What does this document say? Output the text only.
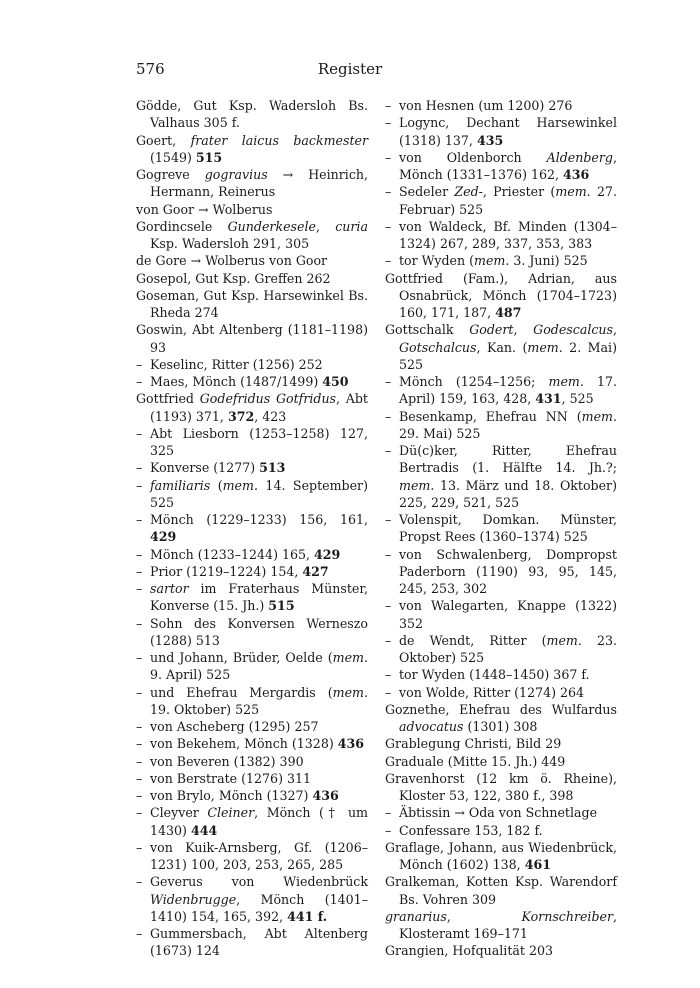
576	Register

Gödde, Gut Ksp. Wadersloh Bs. Valhaus 305 f.

Goert, frater laicus backmester (1549) 515

Gogreve gogravius → Heinrich, Hermann, Reinerus

von Goor → Wolberus

Gordincsele Gunderkesele, curia Ksp. Wadersloh 291, 305

de Gore → Wolberus von Goor

Gosepol, Gut Ksp. Greffen 262

Goseman, Gut Ksp. Harsewinkel Bs. Rheda 274

Goswin, Abt Altenberg (1181–1198) 93

– Keselinc, Ritter (1256) 252

– Maes, Mönch (1487/1499) 450

Gottfried Godefridus Gotfridus, Abt (1193) 371, 372, 423

– Abt Liesborn (1253–1258) 127, 325

– Konverse (1277) 513

– familiaris (mem. 14. September) 525

– Mönch (1229–1233) 156, 161, 429

– Mönch (1233–1244) 165, 429

– Prior (1219–1224) 154, 427

– sartor im Fraterhaus Münster, Konverse (15. Jh.) 515

– Sohn des Konversen Werneszo (1288) 513

– und Johann, Brüder, Oelde (mem. 9. April) 525

– und Ehefrau Mergardis (mem. 19. Oktober) 525

– von Ascheberg (1295) 257

– von Bekehem, Mönch (1328) 436

– von Beveren (1382) 390

– von Berstrate (1276) 311

– von Brylo, Mönch (1327) 436

– Cleyver Cleiner, Mönch († um 1430) 444

– von Kuik-Arnsberg, Gf. (1206–1231) 100, 203, 253, 265, 285

– Geverus von Wiedenbrück Widenbrugge, Mönch (1401–1410) 154, 165, 392, 441 f.

– Gummersbach, Abt Altenberg (1673) 124

– von Hesnen (um 1200) 276

– Logync, Dechant Harsewinkel (1318) 137, 435

– von Oldenborch Aldenberg, Mönch (1331–1376) 162, 436

– Sedeler Zed-, Priester (mem. 27. Februar) 525

– von Waldeck, Bf. Minden (1304–1324) 267, 289, 337, 353, 383

– tor Wyden (mem. 3. Juni) 525

Gottfried (Fam.), Adrian, aus Osnabrück, Mönch (1704–1723) 160, 171, 187, 487

Gottschalk Godert, Godescalcus, Gotschalcus, Kan. (mem. 2. Mai) 525

– Mönch (1254–1256; mem. 17. April) 159, 163, 428, 431, 525

– Besenkamp, Ehefrau NN (mem. 29. Mai) 525

– Dü(c)ker, Ritter, Ehefrau Bertradis (1. Hälfte 14. Jh.?; mem. 13. März und 18. Oktober) 225, 229, 521, 525

– Volenspit, Domkan. Münster, Propst Rees (1360–1374) 525

– von Schwalenberg, Dompropst Paderborn (1190) 93, 95, 145, 245, 253, 302

– von Walegarten, Knappe (1322) 352

– de Wendt, Ritter (mem. 23. Oktober) 525

– tor Wyden (1448–1450) 367 f.

– von Wolde, Ritter (1274) 264

Goznethe, Ehefrau des Wulfardus advocatus (1301) 308

Grablegung Christi, Bild 29

Graduale (Mitte 15. Jh.) 449

Gravenhorst (12 km ö. Rheine), Kloster 53, 122, 380 f., 398

– Äbtissin → Oda von Schnetlage

– Confessare 153, 182 f.

Graflage, Johann, aus Wiedenbrück, Mönch (1602) 138, 461

Gralkeman, Kotten Ksp. Warendorf Bs. Vohren 309

granarius, Kornschreiber, Klosteramt 169–171

Grangien, Hofqualität 203
